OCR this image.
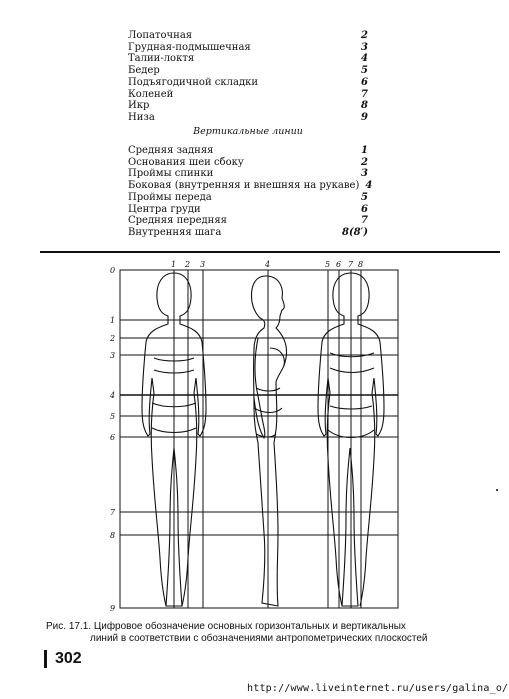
Лопаточная	2
Грудная-подмышечная	3
Талии-локтя	4
Бедер	5
Подъягодичной складки	6
Коленей	7
Икр	8
Низа	9
Вертикальные линии
Средняя задняя	1
Основания шеи сбоку	2
Проймы спинки	3
Боковая (внутренняя и внешняя на рукаве) 4
Проймы переда	5
Центра груди	6
Средняя передняя	7
Внутренняя шага	8(8′)
1 2 3	4	5 6 7 8
0
1
2
3
4
5
6
7
8
9
Рис. 17.1. Цифровое обозначение основных горизонтальных и вертикальных
линий в соответствии с обозначениями антропометрических плоскостей
302
http://www.liveinternet.ru/users/galina_o/
